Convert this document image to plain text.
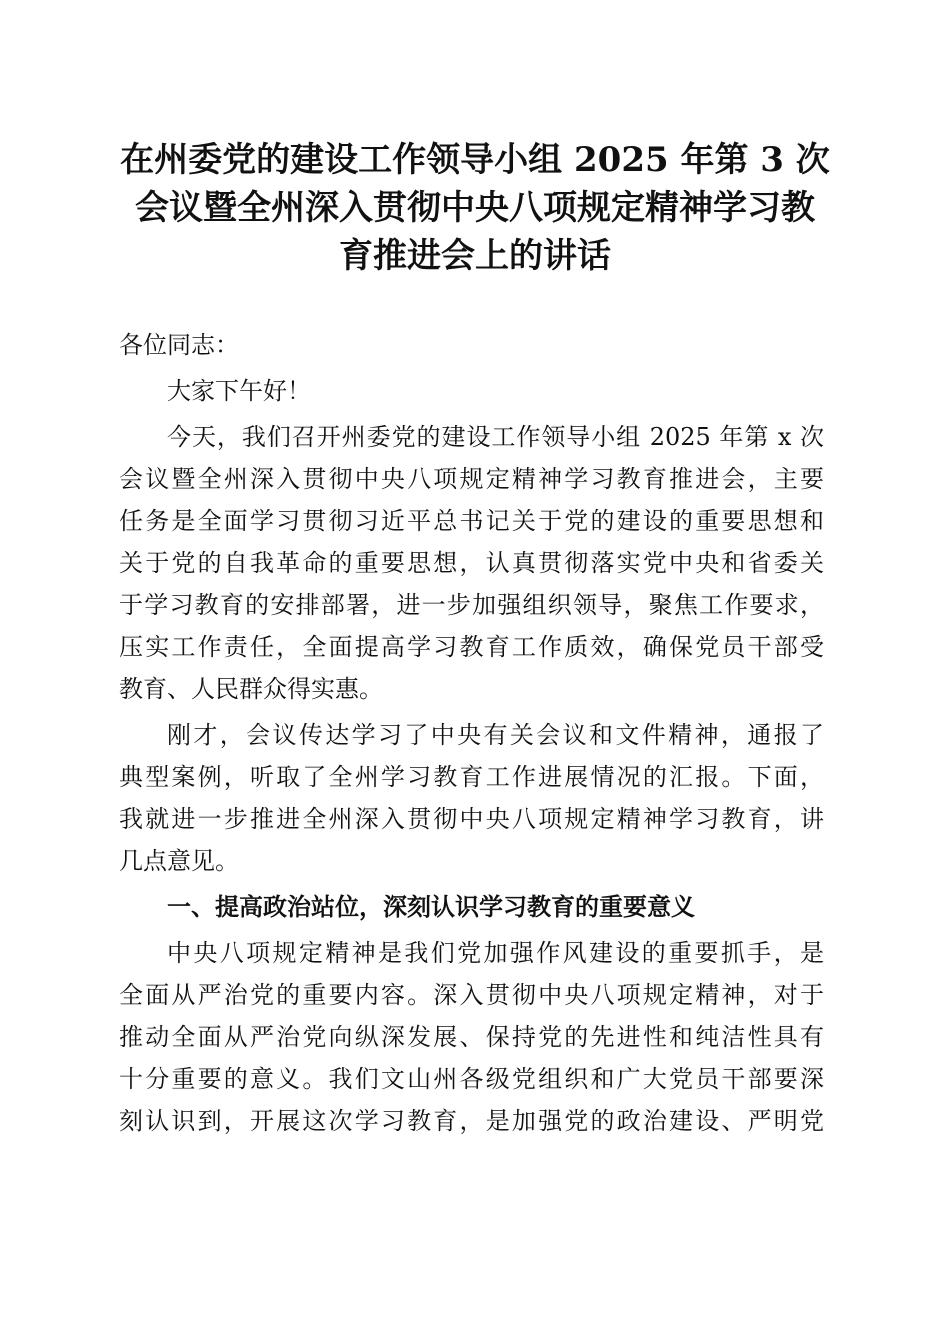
在州委党的建设工作领导小组 2025 年第 3 次
会议暨全州深入贯彻中央八项规定精神学习教
育推进会上的讲话
各位同志：
大家下午好！
今天，我们召开州委党的建设工作领导小组 2025 年第 x 次
会议暨全州深入贯彻中央八项规定精神学习教育推进会，主要
任务是全面学习贯彻习近平总书记关于党的建设的重要思想和
关于党的自我革命的重要思想，认真贯彻落实党中央和省委关
于学习教育的安排部署，进一步加强组织领导，聚焦工作要求，
压实工作责任，全面提高学习教育工作质效，确保党员干部受
教育、人民群众得实惠。
刚才，会议传达学习了中央有关会议和文件精神，通报了
典型案例，听取了全州学习教育工作进展情况的汇报。下面，
我就进一步推进全州深入贯彻中央八项规定精神学习教育，讲
几点意见。
一、提高政治站位，深刻认识学习教育的重要意义
中央八项规定精神是我们党加强作风建设的重要抓手，是
全面从严治党的重要内容。深入贯彻中央八项规定精神，对于
推动全面从严治党向纵深发展、保持党的先进性和纯洁性具有
十分重要的意义。我们文山州各级党组织和广大党员干部要深
刻认识到，开展这次学习教育，是加强党的政治建设、严明党
